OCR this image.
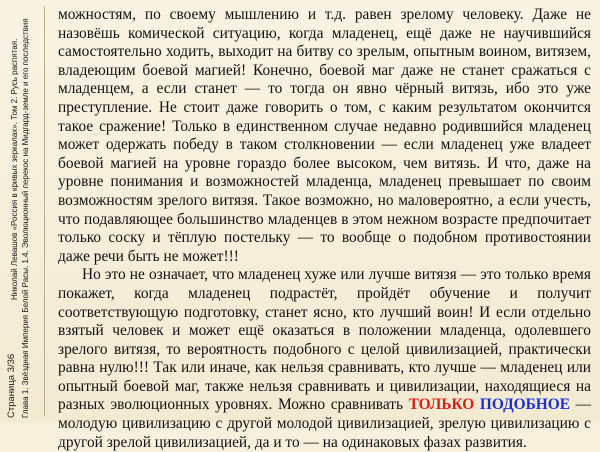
Страница 3/36
Николай Левашов «Россия в кривых зеркалах». Том 2. Русь распятая. Глава 1. Звёздная Империя Белой Расы. 1.4. Эволюционный перекос на Мидгард-земле и его последствия

можностям, по своему мышлению и т.д. равен зрелому человеку. Даже не назовёшь комической ситуацию, когда младенец, ещё даже не научившийся самостоятельно ходить, выходит на битву со зрелым, опытным воином, витязем, владеющим боевой магией! Конечно, боевой маг даже не станет сражаться с младенцем, а если станет — то тогда он явно чёрный витязь, ибо это уже преступление. Не стоит даже говорить о том, с каким результатом окончится такое сражение! Только в единственном случае недавно родившийся младенец может одержать победу в таком столкновении — если младенец уже владеет боевой магией на уровне гораздо более высоком, чем витязь. И что, даже на уровне понимания и возможностей младенца, младенец превышает по своим возможностям зрелого витязя. Такое возможно, но маловероятно, а если учесть, что подавляющее большинство младенцев в этом нежном возрасте предпочитает только соску и тёплую постельку — то вообще о подобном противостоянии даже речи быть не может!!!

Но это не означает, что младенец хуже или лучше витязя — это только время покажет, когда младенец подрастёт, пройдёт обучение и получит соответствующую подготовку, станет ясно, кто лучший воин! И если отдельно взятый человек и может ещё оказаться в положении младенца, одолевшего зрелого витязя, то вероятность подобного с целой цивилизацией, практически равна нулю!!! Так или иначе, как нельзя сравнивать, кто лучше — младенец или опытный боевой маг, также нельзя сравнивать и цивилизации, находящиеся на разных эволюционных уровнях. Можно сравнивать ТОЛЬКО ПОДОБНОЕ — молодую цивилизацию с другой молодой цивилизацией, зрелую цивилизацию с другой зрелой цивилизацией, да и то — на одинаковых фазах развития.
